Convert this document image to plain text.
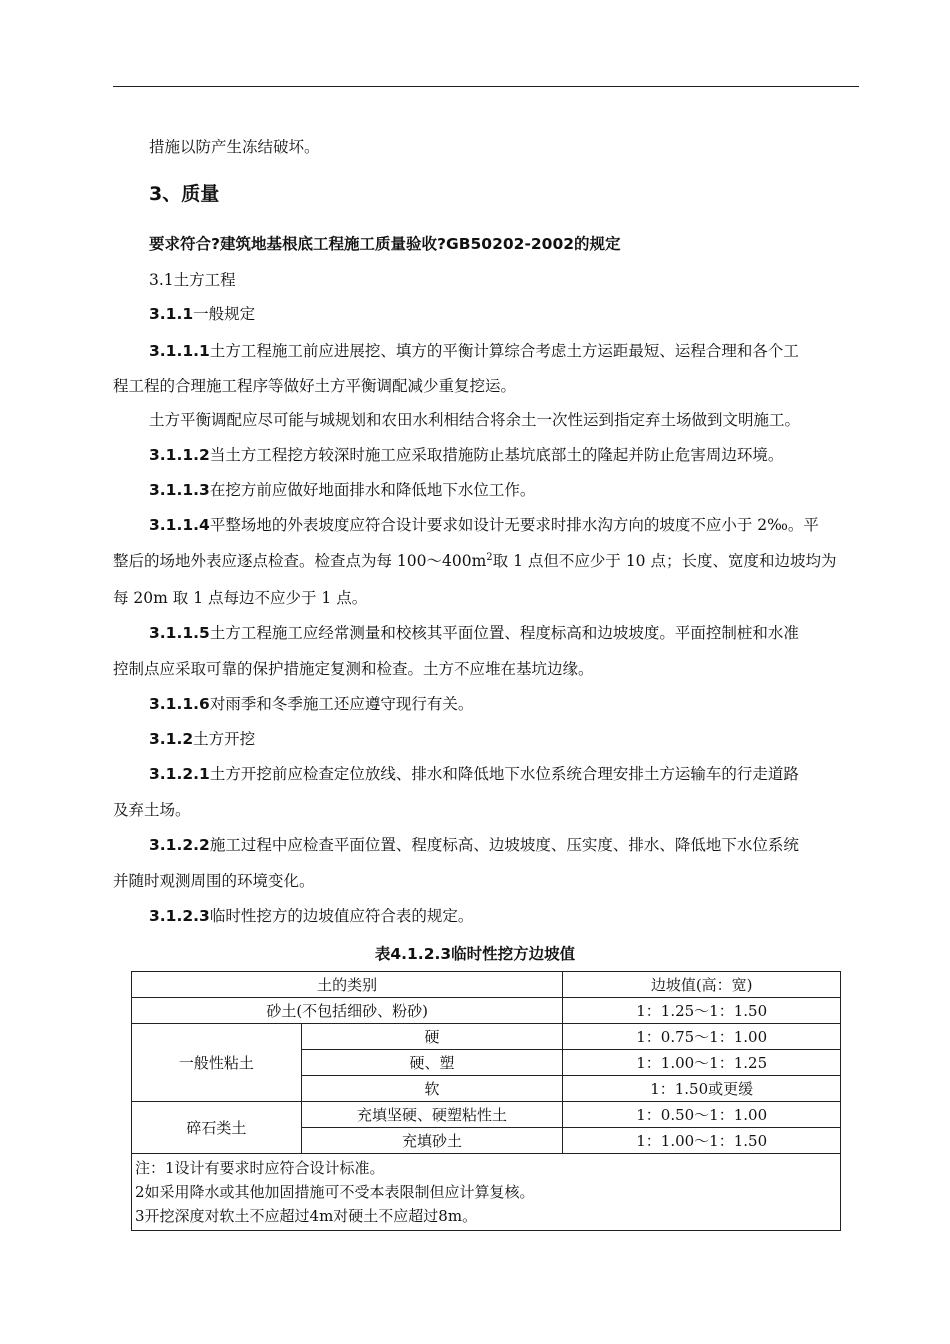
措施以防产生冻结破坏。
3、质量
要求符合?建筑地基根底工程施工质量验收?GB50202-2002的规定
3.1土方工程
3.1.1一般规定
3.1.1.1土方工程施工前应进展挖、填方的平衡计算综合考虑土方运距最短、运程合理和各个工
程工程的合理施工程序等做好土方平衡调配减少重复挖运。
土方平衡调配应尽可能与城规划和农田水利相结合将余土一次性运到指定弃土场做到文明施工。
3.1.1.2当土方工程挖方较深时施工应采取措施防止基坑底部土的隆起并防止危害周边环境。
3.1.1.3在挖方前应做好地面排水和降低地下水位工作。
3.1.1.4平整场地的外表坡度应符合设计要求如设计无要求时排水沟方向的坡度不应小于 2‰。平
整后的场地外表应逐点检查。检查点为每 $100\sim 400m^2$取 1 点但不应少于 10 点；长度、宽度和边坡均为
每 20m 取 1 点每边不应少于 1 点。
3.1.1.5土方工程施工应经常测量和校核其平面位置、程度标高和边坡坡度。平面控制桩和水准
控制点应采取可靠的保护措施定复测和检查。土方不应堆在基坑边缘。
3.1.1.6对雨季和冬季施工还应遵守现行有关。
3.1.2土方开挖
3.1.2.1土方开挖前应检查定位放线、排水和降低地下水位系统合理安排土方运输车的行走道路
及弃土场。
3.1.2.2施工过程中应检查平面位置、程度标高、边坡坡度、压实度、排水、降低地下水位系统
并随时观测周围的环境变化。
3.1.2.3临时性挖方的边坡值应符合表的规定。
表4.1.2.3临时性挖方边坡值
土的类别		边坡值(高：宽)
砂土(不包括细砂、粉砂)		1：1.25～1：1.50
一般性粘土	硬	1：0.75～1：1.00
	硬、塑	1：1.00～1：1.25
	软	1：1.50或更缓
碎石类土	充填坚硬、硬塑粘性土	1：0.50～1：1.00
	充填砂土	1：1.00～1：1.50

注：1设计有要求时应符合设计标准。
2如采用降水或其他加固措施可不受本表限制但应计算复核。
3开挖深度对软土不应超过4m对硬土不应超过8m。		
